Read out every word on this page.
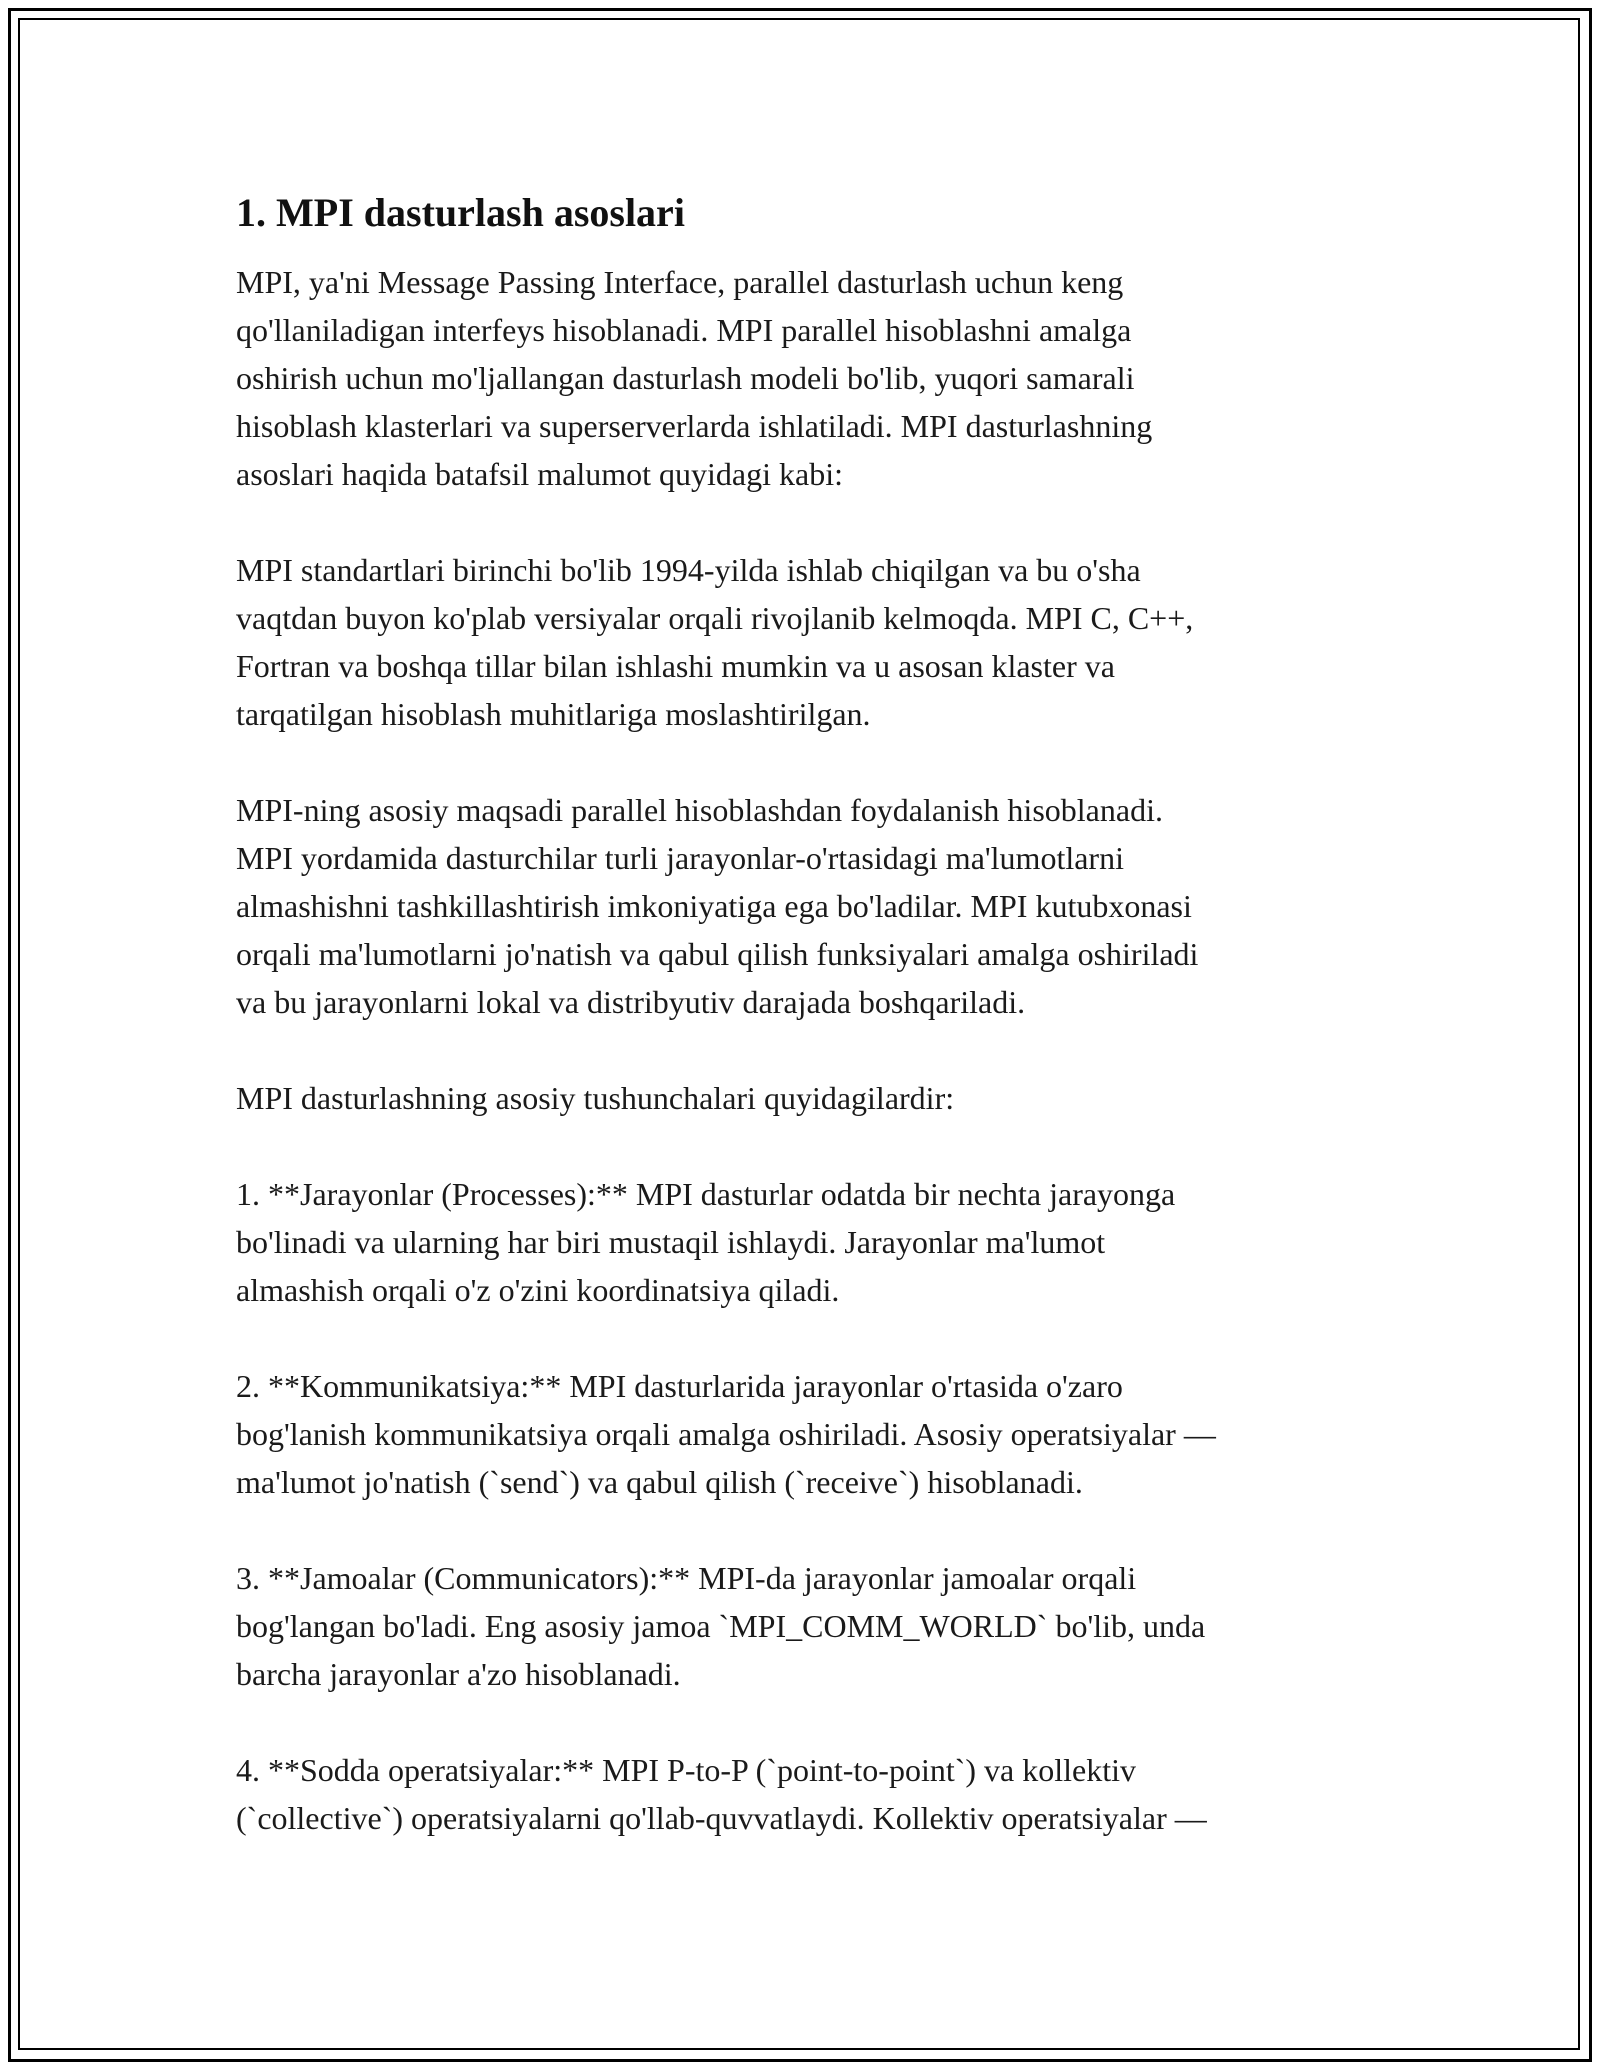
1. MPI dasturlash asoslari

MPI, ya'ni Message Passing Interface, parallel dasturlash uchun keng
qo'llaniladigan interfeys hisoblanadi. MPI parallel hisoblashni amalga
oshirish uchun mo'ljallangan dasturlash modeli bo'lib, yuqori samarali
hisoblash klasterlari va superserverlarda ishlatiladi. MPI dasturlashning
asoslari haqida batafsil malumot quyidagi kabi:

MPI standartlari birinchi bo'lib 1994-yilda ishlab chiqilgan va bu o'sha
vaqtdan buyon ko'plab versiyalar orqali rivojlanib kelmoqda. MPI C, C++,
Fortran va boshqa tillar bilan ishlashi mumkin va u asosan klaster va
tarqatilgan hisoblash muhitlariga moslashtirilgan.

MPI-ning asosiy maqsadi parallel hisoblashdan foydalanish hisoblanadi.
MPI yordamida dasturchilar turli jarayonlar-o'rtasidagi ma'lumotlarni
almashishni tashkillashtirish imkoniyatiga ega bo'ladilar. MPI kutubxonasi
orqali ma'lumotlarni jo'natish va qabul qilish funksiyalari amalga oshiriladi
va bu jarayonlarni lokal va distribyutiv darajada boshqariladi.

MPI dasturlashning asosiy tushunchalari quyidagilardir:

1. **Jarayonlar (Processes):** MPI dasturlar odatda bir nechta jarayonga
bo'linadi va ularning har biri mustaqil ishlaydi. Jarayonlar ma'lumot
almashish orqali o'z o'zini koordinatsiya qiladi.

2. **Kommunikatsiya:** MPI dasturlarida jarayonlar o'rtasida o'zaro
bog'lanish kommunikatsiya orqali amalga oshiriladi. Asosiy operatsiyalar —
ma'lumot jo'natish (`send`) va qabul qilish (`receive`) hisoblanadi.

3. **Jamoalar (Communicators):** MPI-da jarayonlar jamoalar orqali
bog'langan bo'ladi. Eng asosiy jamoa `MPI_COMM_WORLD` bo'lib, unda
barcha jarayonlar a'zo hisoblanadi.

4. **Sodda operatsiyalar:** MPI P-to-P (`point-to-point`) va kollektiv
(`collective`) operatsiyalarni qo'llab-quvvatlaydi. Kollektiv operatsiyalar —
